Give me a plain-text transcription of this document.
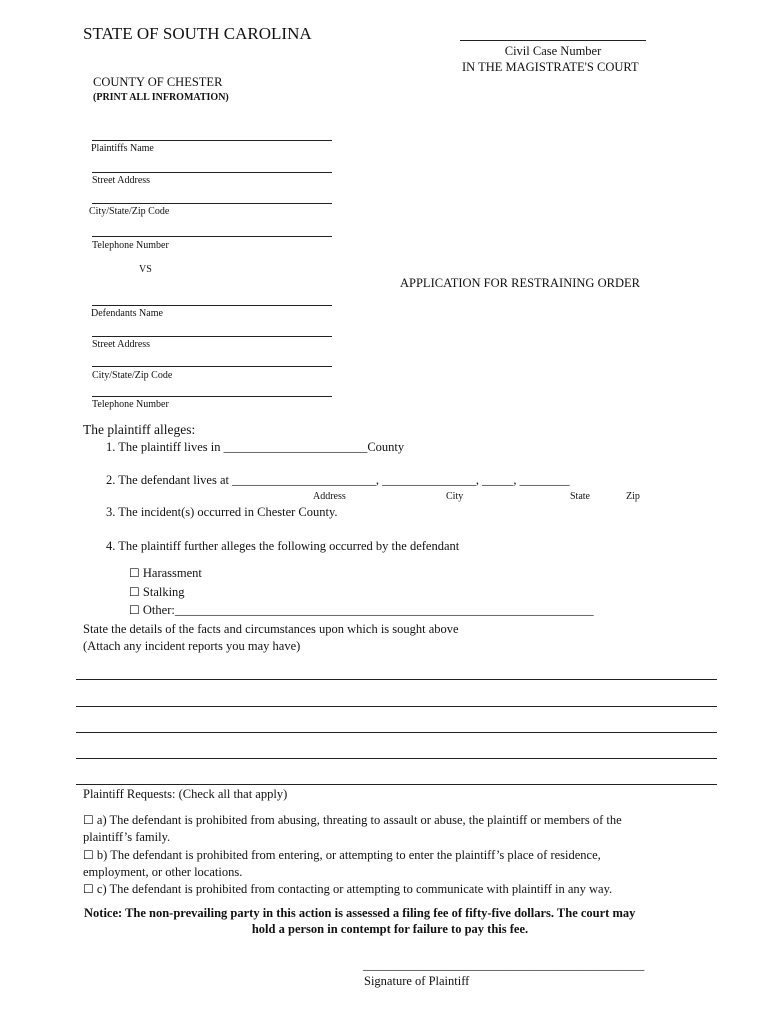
STATE OF SOUTH CAROLINA
Civil Case Number
IN THE MAGISTRATE'S COURT
COUNTY OF CHESTER
(PRINT ALL INFROMATION)
Plaintiffs Name
Street Address
City/State/Zip Code
Telephone Number
VS
APPLICATION FOR RESTRAINING ORDER
Defendants Name
Street Address
City/State/Zip Code
Telephone Number
The plaintiff alleges:
1. The plaintiff lives in _______________________County
2. The defendant lives at _______________________, _______________, _____, ________
Address	City	State	Zip
3. The incident(s) occurred in Chester County.
4. The plaintiff further alleges the following occurred by the defendant
☐ Harassment
☐ Stalking
☐ Other:___________________________________________________________________
State the details of the facts and circumstances upon which is sought above
(Attach any incident reports you may have)
Plaintiff Requests: (Check all that apply)
☐ a) The defendant is prohibited from abusing, threating to assault or abuse, the plaintiff or members of the
plaintiff’s family.
☐ b) The defendant is prohibited from entering, or attempting to enter the plaintiff’s place of residence,
employment, or other locations.
☐ c) The defendant is prohibited from contacting or attempting to communicate with plaintiff in any way.
Notice: The non-prevailing party in this action is assessed a filing fee of fifty-five dollars. The court may
hold a person in contempt for failure to pay this fee.
_____________________________________________
Signature of Plaintiff
